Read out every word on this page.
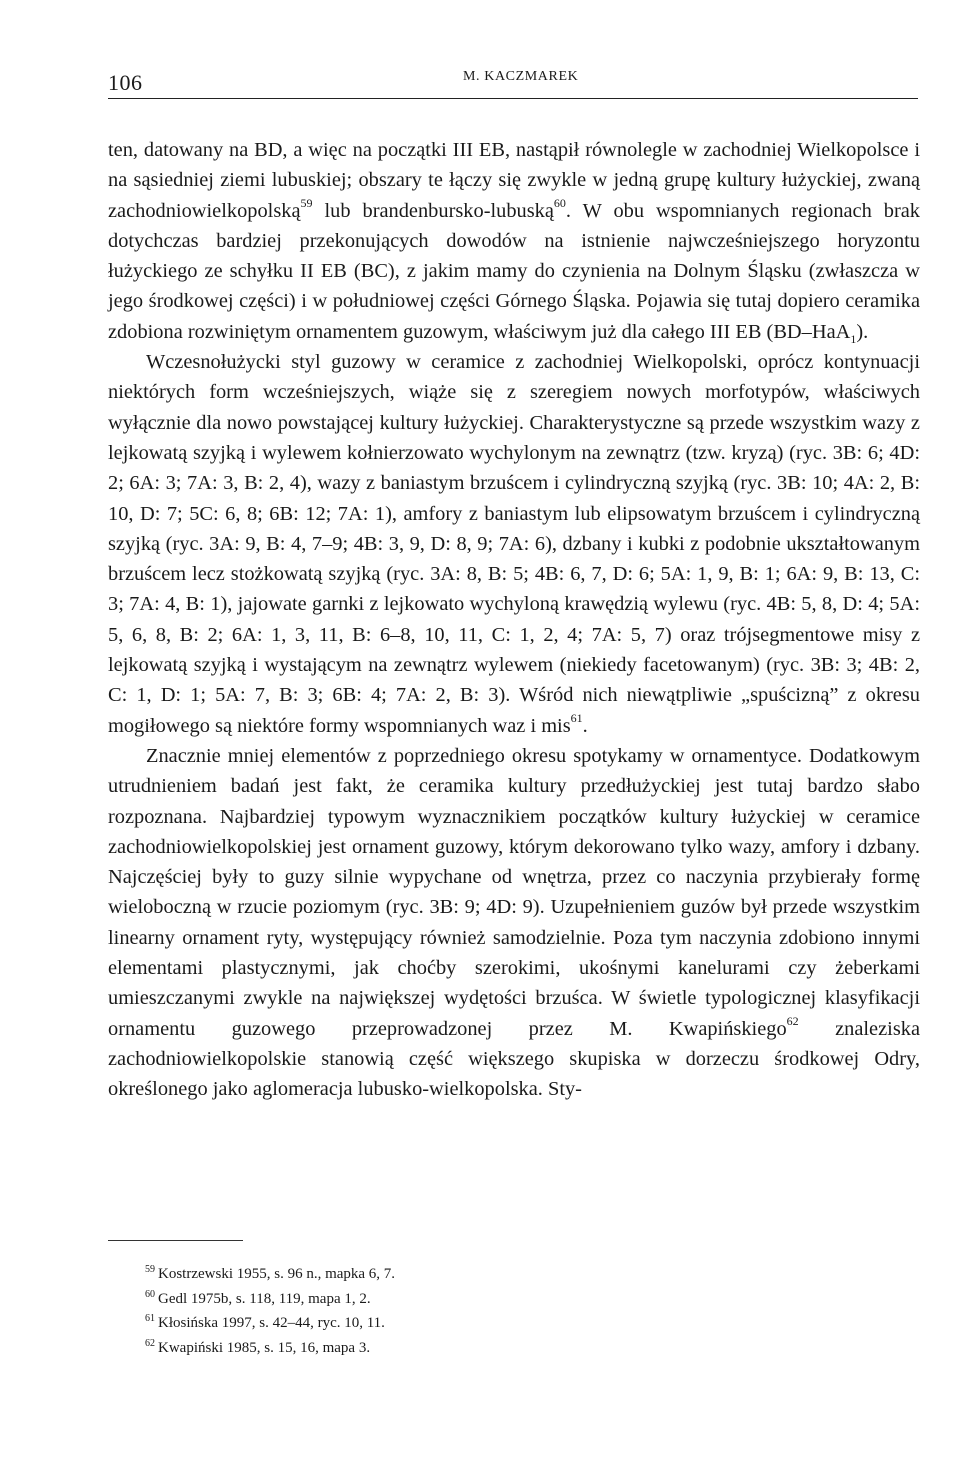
106	M. KACZMAREK

ten, datowany na BD, a więc na początki III EB, nastąpił równolegle w zachodniej Wielkopolsce i na sąsiedniej ziemi lubuskiej; obszary te łączy się zwykle w jedną grupę kultury łużyckiej, zwaną zachodniowielkopolską$^{59}$ lub brandenbursko-lubuską$^{60}$. W obu wspomnianych regionach brak dotychczas bardziej przekonujących dowodów na istnienie najwcześniejszego horyzontu łużyckiego ze schyłku II EB (BC), z jakim mamy do czynienia na Dolnym Śląsku (zwłaszcza w jego środkowej części) i w południowej części Górnego Śląska. Pojawia się tutaj dopiero ceramika zdobiona rozwiniętym ornamentem guzowym, właściwym już dla całego III EB (BD–HaA$_1$).

Wczesnołużycki styl guzowy w ceramice z zachodniej Wielkopolski, oprócz kontynuacji niektórych form wcześniejszych, wiąże się z szeregiem nowych morfotypów, właściwych wyłącznie dla nowo powstającej kultury łużyckiej. Charakterystyczne są przede wszystkim wazy z lejkowatą szyjką i wylewem kołnierzowato wychylonym na zewnątrz (tzw. kryzą) (ryc. 3B: 6; 4D: 2; 6A: 3; 7A: 3, B: 2, 4), wazy z baniastym brzuścem i cylindryczną szyjką (ryc. 3B: 10; 4A: 2, B: 10, D: 7; 5C: 6, 8; 6B: 12; 7A: 1), amfory z baniastym lub elipsowatym brzuścem i cylindryczną szyjką (ryc. 3A: 9, B: 4, 7–9; 4B: 3, 9, D: 8, 9; 7A: 6), dzbany i kubki z podobnie ukształtowanym brzuścem lecz stożkowatą szyjką (ryc. 3A: 8, B: 5; 4B: 6, 7, D: 6; 5A: 1, 9, B: 1; 6A: 9, B: 13, C: 3; 7A: 4, B: 1), jajowate garnki z lejkowato wychyloną krawędzią wylewu (ryc. 4B: 5, 8, D: 4; 5A: 5, 6, 8, B: 2; 6A: 1, 3, 11, B: 6–8, 10, 11, C: 1, 2, 4; 7A: 5, 7) oraz trójsegmentowe misy z lejkowatą szyjką i wystającym na zewnątrz wylewem (niekiedy facetowanym) (ryc. 3B: 3; 4B: 2, C: 1, D: 1; 5A: 7, B: 3; 6B: 4; 7A: 2, B: 3). Wśród nich niewątpliwie „spuścizną” z okresu mogiłowego są niektóre formy wspomnianych waz i mis$^{61}$.

Znacznie mniej elementów z poprzedniego okresu spotykamy w ornamentyce. Dodatkowym utrudnieniem badań jest fakt, że ceramika kultury przedłużyckiej jest tutaj bardzo słabo rozpoznana. Najbardziej typowym wyznacznikiem początków kultury łużyckiej w ceramice zachodniowielkopolskiej jest ornament guzowy, którym dekorowano tylko wazy, amfory i dzbany. Najczęściej były to guzy silnie wypychane od wnętrza, przez co naczynia przybierały formę wieloboczną w rzucie poziomym (ryc. 3B: 9; 4D: 9). Uzupełnieniem guzów był przede wszystkim linearny ornament ryty, występujący również samodzielnie. Poza tym naczynia zdobiono innymi elementami plastycznymi, jak choćby szerokimi, ukośnymi kanelurami czy żeberkami umieszczanymi zwykle na największej wydętości brzuśca. W świetle typologicznej klasyfikacji ornamentu guzowego przeprowadzonej przez M. Kwapińskiego$^{62}$ znaleziska zachodniowielkopolskie stanowią część większego skupiska w dorzeczu środkowej Odry, określonego jako aglomeracja lubusko-wielkopolska. Sty-

$^{59}$ Kostrzewski 1955, s. 96 n., mapka 6, 7.
$^{60}$ Gedl 1975b, s. 118, 119, mapa 1, 2.
$^{61}$ Kłosińska 1997, s. 42–44, ryc. 10, 11.
$^{62}$ Kwapiński 1985, s. 15, 16, mapa 3.
